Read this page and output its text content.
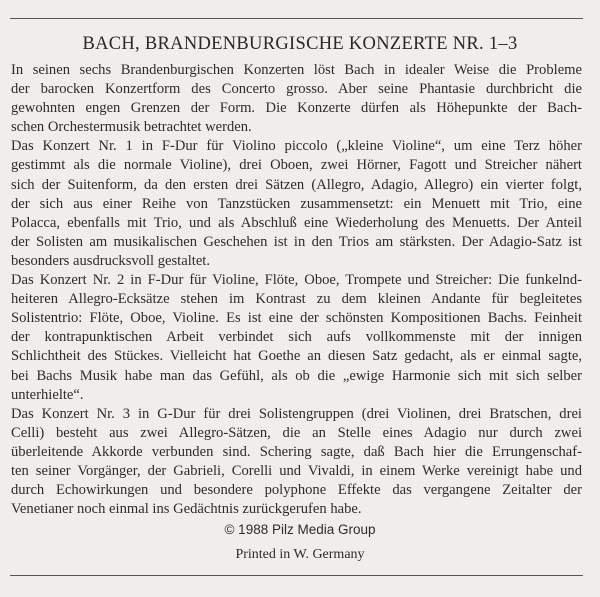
BACH, BRANDENBURGISCHE KONZERTE NR. 1–3
In seinen sechs Brandenburgischen Konzerten löst Bach in idealer Weise die Probleme
der barocken Konzertform des Concerto grosso. Aber seine Phantasie durchbricht die
gewohnten engen Grenzen der Form. Die Konzerte dürfen als Höhepunkte der Bach-
schen Orchestermusik betrachtet werden.
Das Konzert Nr. 1 in F-Dur für Violino piccolo („kleine Violine“, um eine Terz höher
gestimmt als die normale Violine), drei Oboen, zwei Hörner, Fagott und Streicher nähert
sich der Suitenform, da den ersten drei Sätzen (Allegro, Adagio, Allegro) ein vierter folgt,
der sich aus einer Reihe von Tanzstücken zusammensetzt: ein Menuett mit Trio, eine
Polacca, ebenfalls mit Trio, und als Abschluß eine Wiederholung des Menuetts. Der Anteil
der Solisten am musikalischen Geschehen ist in den Trios am stärksten. Der Adagio-Satz ist
besonders ausdrucksvoll gestaltet.
Das Konzert Nr. 2 in F-Dur für Violine, Flöte, Oboe, Trompete und Streicher: Die funkelnd-
heiteren Allegro-Ecksätze stehen im Kontrast zu dem kleinen Andante für begleitetes
Solistentrio: Flöte, Oboe, Violine. Es ist eine der schönsten Kompositionen Bachs. Feinheit
der kontrapunktischen Arbeit verbindet sich aufs vollkommenste mit der innigen
Schlichtheit des Stückes. Vielleicht hat Goethe an diesen Satz gedacht, als er einmal sagte,
bei Bachs Musik habe man das Gefühl, als ob die „ewige Harmonie sich mit sich selber
unterhielte“.
Das Konzert Nr. 3 in G-Dur für drei Solistengruppen (drei Violinen, drei Bratschen, drei
Celli) besteht aus zwei Allegro-Sätzen, die an Stelle eines Adagio nur durch zwei
überleitende Akkorde verbunden sind. Schering sagte, daß Bach hier die Errungenschaf-
ten seiner Vorgänger, der Gabrieli, Corelli und Vivaldi, in einem Werke vereinigt habe und
durch Echowirkungen und besondere polyphone Effekte das vergangene Zeitalter der
Venetianer noch einmal ins Gedächtnis zurückgerufen habe.
© 1988 Pilz Media Group
Printed in W. Germany
